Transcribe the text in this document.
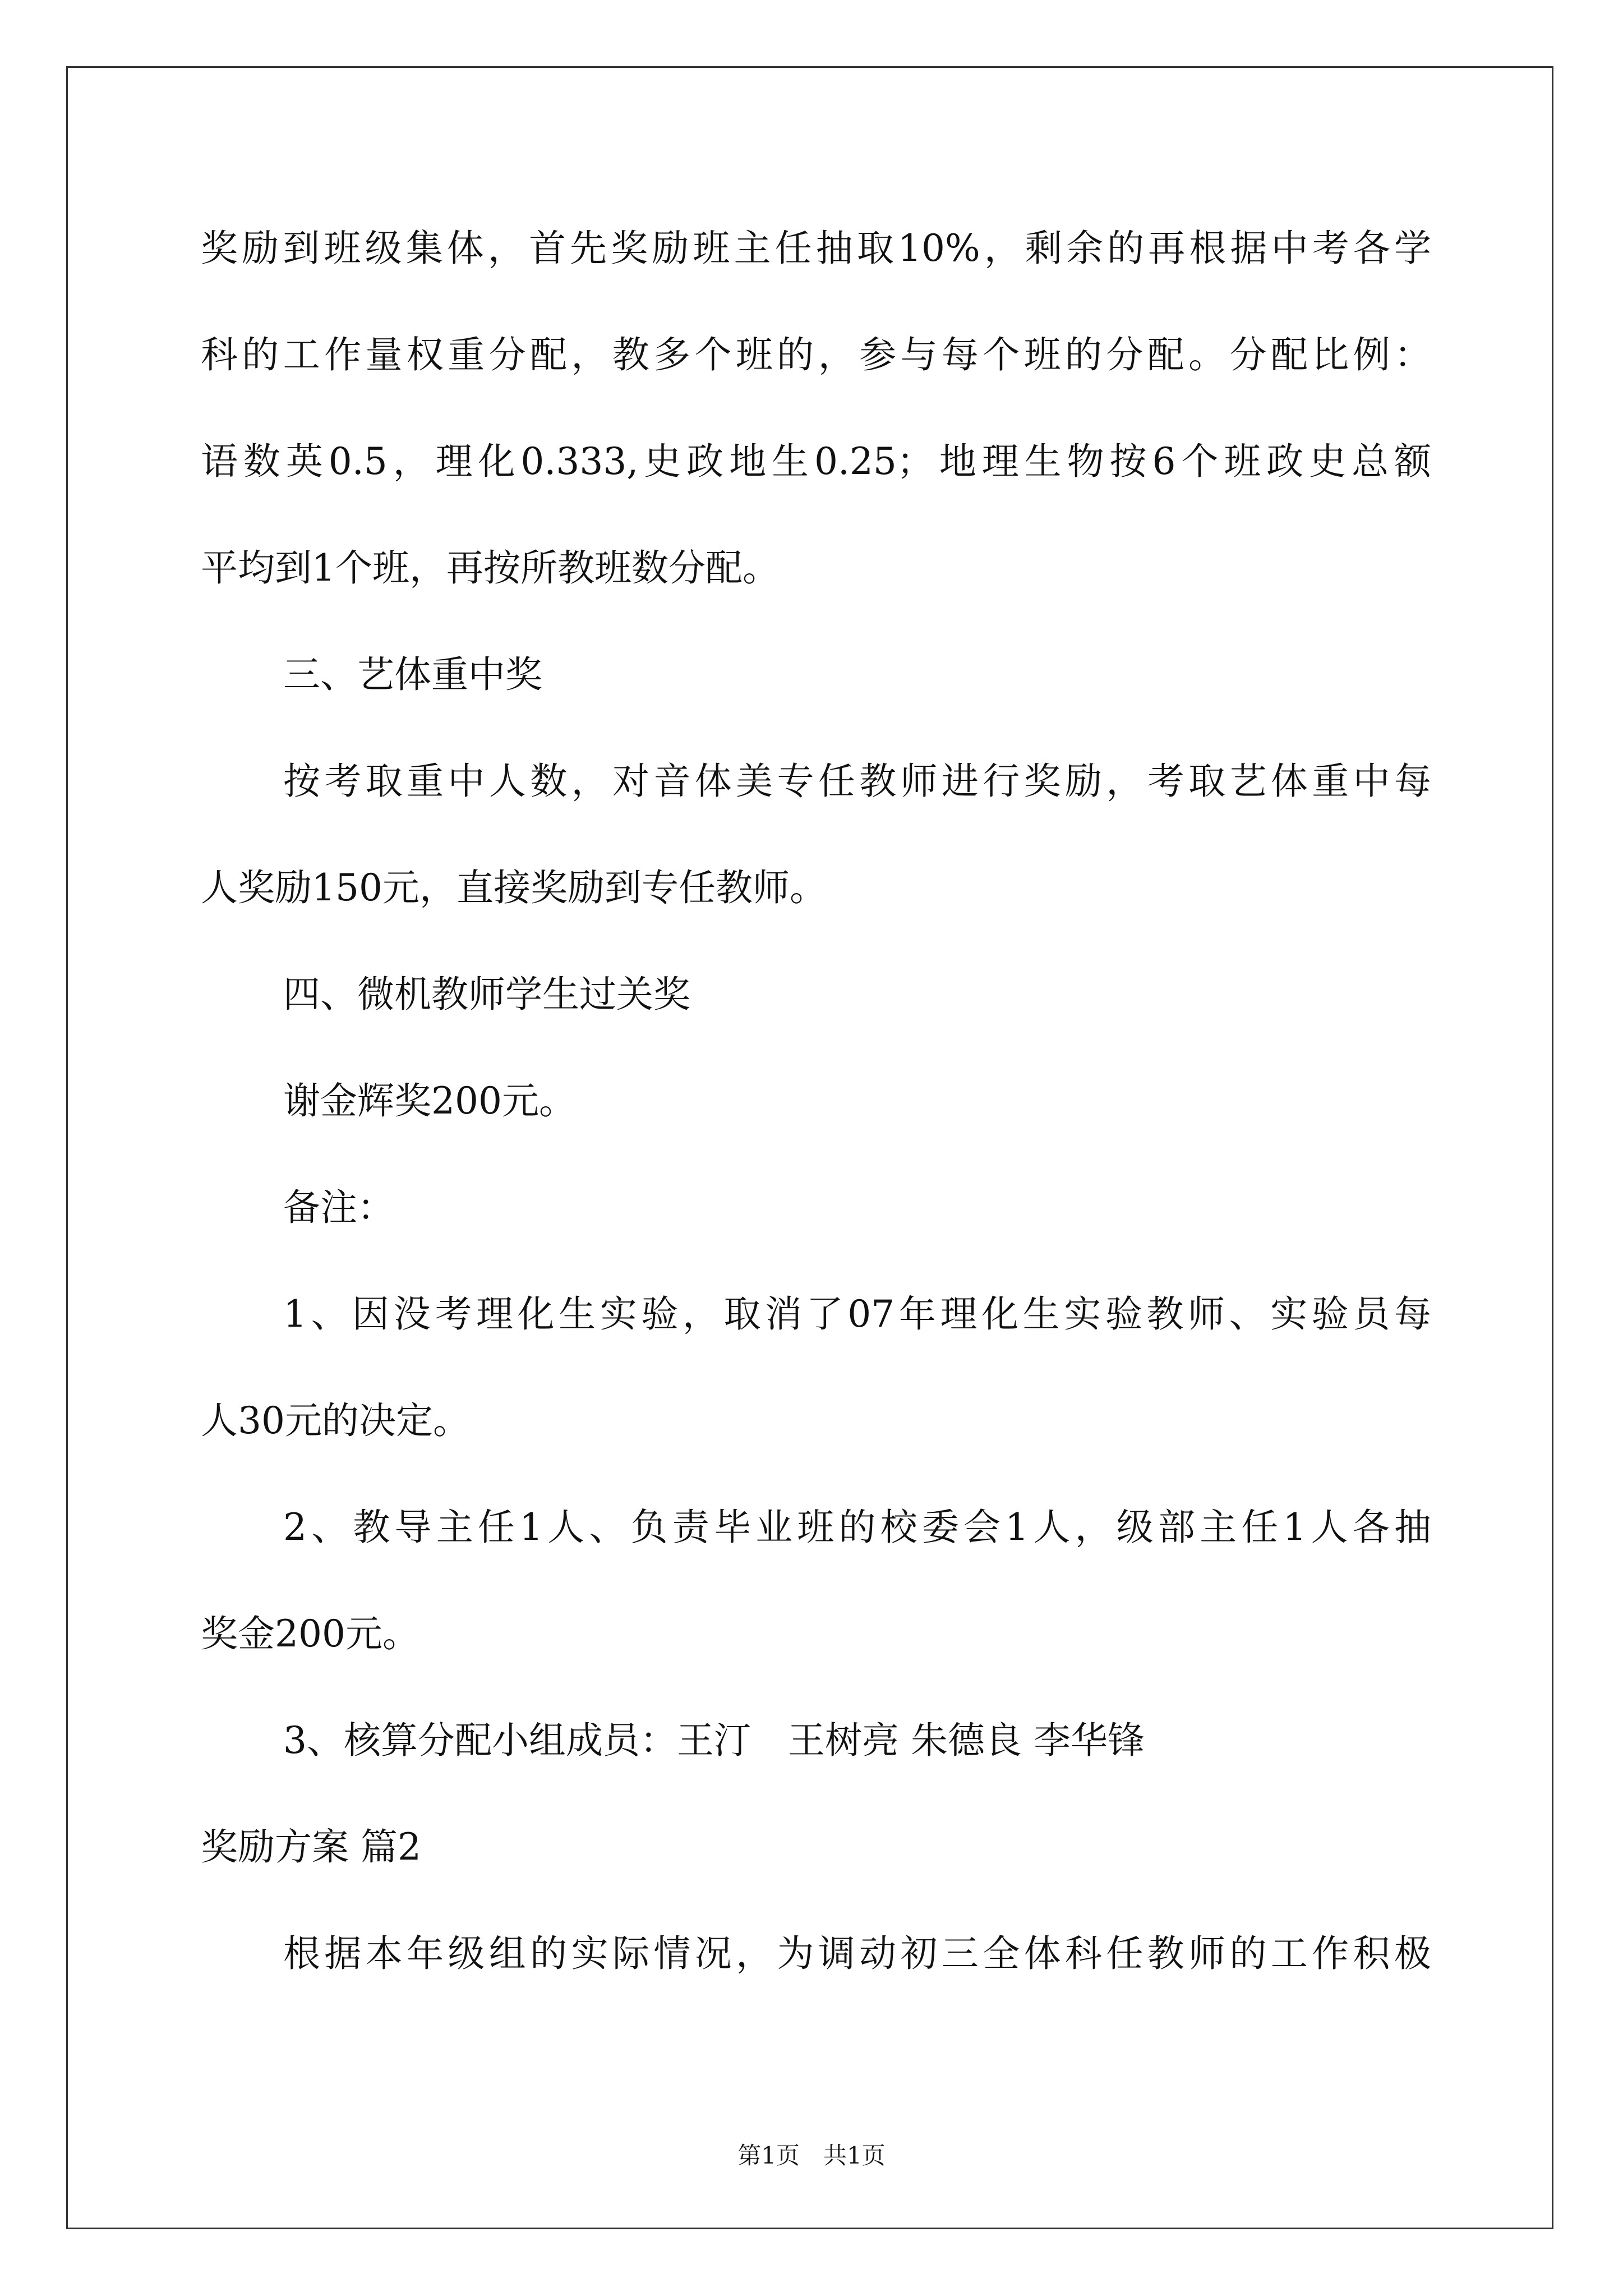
奖励到班级集体，首先奖励班主任抽取10%，剩余的再根据中考各学
科的工作量权重分配，教多个班的，参与每个班的分配。分配比例：
语数英0.5，理化0.333,史政地生0.25；地理生物按6个班政史总额
平均到1个班，再按所教班数分配。
三、艺体重中奖
按考取重中人数，对音体美专任教师进行奖励，考取艺体重中每
人奖励150元，直接奖励到专任教师。
四、微机教师学生过关奖
谢金辉奖200元。
备注：
1、因没考理化生实验，取消了07年理化生实验教师、实验员每
人30元的决定。
2、教导主任1人、负责毕业班的校委会1人，级部主任1人各抽
奖金200元。
3、核算分配小组成员：王汀　王树亮 朱德良 李华锋
奖励方案 篇2
根据本年级组的实际情况，为调动初三全体科任教师的工作积极
第1页　共1页
